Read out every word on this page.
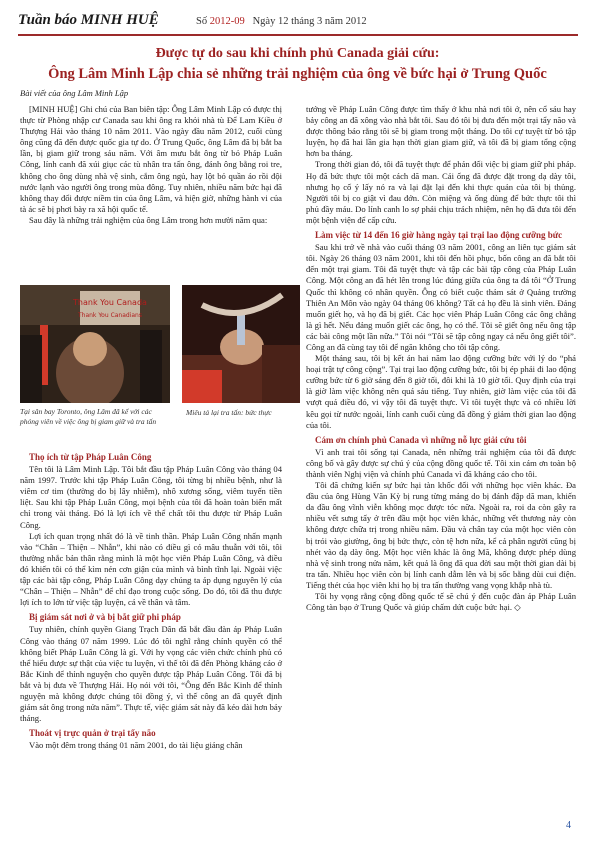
Tuần báo MINH HUỆ	Số 2012-09 Ngày 12 tháng 3 năm 2012
Được tự do sau khi chính phủ Canada giải cứu:
Ông Lâm Minh Lập chia sẻ những trải nghiệm của ông về bức hại ở Trung Quốc
Bài viết của ông Lâm Minh Lập

[MINH HUỆ] Ghi chú của Ban biên tập: Ông Lâm Minh Lập có được thị thực từ Phòng nhập cư Canada sau khi ông ra khỏi nhà tù Để Lam Kiều ở Thượng Hải vào tháng 10 năm 2011. Vào ngày đầu năm 2012, cuối cùng ông cũng đã đến được quốc gia tự do. Ở Trung Quốc, ông Lâm đã bị bắt ba lần, bị giam giữ trong sáu năm. Với âm mưu bắt ông từ bỏ Pháp Luân Công, lính canh đã xúi giục các tù nhân tra tấn ông, đánh ông bằng roi tre, không cho ông dùng nhà vệ sinh, cắm ông ngủ, hay lột bỏ quần áo rồi đội nước lạnh vào người ông trong mùa đông. Tuy nhiên, nhiều năm bức hại đã không thay đổi được niềm tin của ông Lâm, và hiện giờ, những hành vi của tà ác sẽ bị phơi bày ra xã hội quốc tế.

Sau đây là những trải nghiệm của ông Lâm trong hơn mười năm qua:

Thank You Canada
Thank You Canadians
Tại sân bay Toronto, ông Lâm đã kể với các phóng viên về việc ông bị giam giữ và tra tấn
Miêu tả lại tra tấn: bức thực
Thọ ích từ tập Pháp Luân Công

Tên tôi là Lâm Minh Lập. Tôi bắt đầu tập Pháp Luân Công vào tháng 04 năm 1997. Trước khi tập Pháp Luân Công, tôi từng bị nhiều bệnh, như là viêm cơ tim (thường do bị lây nhiễm), nhô xương sống, viêm tuyến tiền liệt. Sau khi tập Pháp Luân Công, mọi bệnh của tôi đã hoàn toàn biến mất chỉ trong vài tháng. Đó là lợi ích về thể chất tôi thu được từ Pháp Luân Công.

Lợi ích quan trọng nhất đó là về tinh thần. Pháp Luân Công nhấn mạnh vào “Chân – Thiện – Nhẫn”, khi nào có điều gì có mâu thuẫn với tôi, tôi thường nhắc bản thân rằng mình là một học viên Pháp Luân Công, và điều đó khiến tôi có thể kìm nén cơn giận của mình và bình tĩnh lại. Ngoài việc tập các bài tập công, Pháp Luân Công dạy chúng ta áp dụng nguyên lý của “Chân – Thiện – Nhẫn” để chỉ đạo trong cuộc sống. Do đó, tôi đã thu được lợi ích to lớn từ việc tập luyện, cả về thân và tâm.

Bị giám sát nơi ở và bị bắt giữ phi pháp

Tuy nhiên, chính quyền Giang Trạch Dân đã bắt đầu đàn áp Pháp Luân Công vào tháng 07 năm 1999. Lúc đó tôi nghĩ rằng chính quyền có thể không biết Pháp Luân Công là gì. Với hy vọng các viên chức chính phủ có thể hiểu được sự thật của việc tu luyện, vì thế tôi đã đến Phòng kháng cáo ở Bắc Kinh để thỉnh nguyện cho quyền được tập Pháp Luân Công. Tôi đã bị bắt và bị đưa về Thượng Hải. Họ nói với tôi, “Ông đến Bắc Kinh để thỉnh nguyện mà không được chúng tôi đồng ý, vì thế công an đã quyết định giám sát ông trong nửa năm”. Thực tế, việc giám sát này đã kéo dài hơn bảy tháng.

Thoát vị trực quản ở trại tẩy não

Vào một đêm trong tháng 01 năm 2001, do tài liệu giảng chân

tướng về Pháp Luân Công được tìm thấy ở khu nhà nơi tôi ở, nên cổ sáu hay bảy công an đã xông vào nhà bắt tôi. Sau đó tôi bị đưa đến một trại tẩy não và được thông báo rằng tôi sẽ bị giam trong một tháng. Do tôi cự tuyệt từ bỏ tập luyện, họ đã hai lần gia hạn thời gian giam giữ, và tôi đã bị giam tổng cộng hơn ba tháng.

Trong thời gian đó, tôi đã tuyệt thực để phản đối việc bị giam giữ phi pháp. Họ đã bức thực tôi một cách dã man. Cái ống đã được đặt trong dạ dày tôi, nhưng họ cố ý lấy nó ra và lại đặt lại đến khi thực quản của tôi bị thủng. Người tôi bị co giật vì đau đớn. Còn miệng và ống dùng để bức thực tôi thì phủ đầy máu. Do lính canh lo sợ phải chịu trách nhiệm, nên họ đã đưa tôi đến một bệnh viện để cấp cứu.

Làm việc từ 14 đến 16 giờ hàng ngày tại trại lao động cưỡng bức

Sau khi trở về nhà vào cuối tháng 03 năm 2001, công an liên tục giám sát tôi. Ngày 26 tháng 03 năm 2001, khi tôi đến hồi phục, bốn công an đã bắt tôi đến một trại giam. Tôi đã tuyệt thực và tập các bài tập công của Pháp Luân Công. Một công an đã hét lên trong lúc đúng giữa của ông ta đá tôi “Ở Trung Quốc thì không có nhân quyền. Ông có biết cuộc thảm sát ở Quảng trường Thiên An Môn vào ngày 04 tháng 06 không? Tất cả họ đều là sinh viên. Đảng muốn giết họ, và họ đã bị giết. Các học viên Pháp Luân Công các ông chẳng là gì hết. Nếu đảng muốn giết các ông, họ có thể. Tôi sẽ giết ông nếu ông tập các bài công một lần nữa.” Tôi nói “Tôi sẽ tập công ngay cả nếu ông giết tôi”. Công an đã cùng tay tôi để ngăn không cho tôi tập công.

Một tháng sau, tôi bị kết án hai năm lao động cưỡng bức với lý do “phá hoại trật tự công cộng”. Tại trại lao động cưỡng bức, tôi bị ép phải đi lao động cưỡng bức từ 6 giờ sáng đến 8 giờ tối, đôi khi là 10 giờ tối. Quy định của trại là giờ làm việc không nên quá sáu tiếng. Tuy nhiên, giờ làm việc của tôi đã vượt quá điều đó, vi vậy tôi đã tuyệt thực. Vì tôi tuyệt thực và có nhiều lời kêu gọi từ nước ngoài, lính canh cuối cùng đã đồng ý giảm thời gian lao động của tôi.

Cám ơn chính phủ Canada vì những nỗ lực giải cứu tôi

Vì anh trai tôi sống tại Canada, nên những trải nghiệm của tôi đã được công bố và gây được sự chú ý của cộng đồng quốc tế. Tôi xin cám ơn toàn bộ thành viên Nghị viện và chính phủ Canada vì đã kháng cáo cho tôi.

Tôi đã chứng kiến sự bức hại tàn khốc đối với những học viên khác. Đa đầu của ông Hùng Văn Kỳ bị rung từng mảng do bị đánh đập dã man, khiến da đầu ông vĩnh viễn không mọc được tóc nữa. Ngoài ra, roi da còn gây ra nhiều vết sưng tấy ở trên đầu một học viên khác, những vết thương này còn không được chữa trị trong nhiều năm. Đầu và chân tay của một học viên còn bị trói vào giường, ông bị bức thực, còn tệ hơn nữa, kể cả phân người cũng bị nhét vào dạ dày ông. Một học viên khác là ông Mã, không được phép dùng nhà vệ sinh trong nửa năm, kết quả là ông đã qua đời sau một thời gian dài bị tra tấn. Nhiều học viên còn bị lính canh dẫm lên và bị sốc bằng dùi cui điện. Tiếng thét của học viên khi họ bị tra tấn thường vang vọng khắp nhà tù.

Tôi hy vọng rằng cộng đồng quốc tế sẽ chú ý đến cuộc đàn áp Pháp Luân Công tàn bạo ở Trung Quốc và giúp chấm dứt cuộc bức hại. ◇

4
